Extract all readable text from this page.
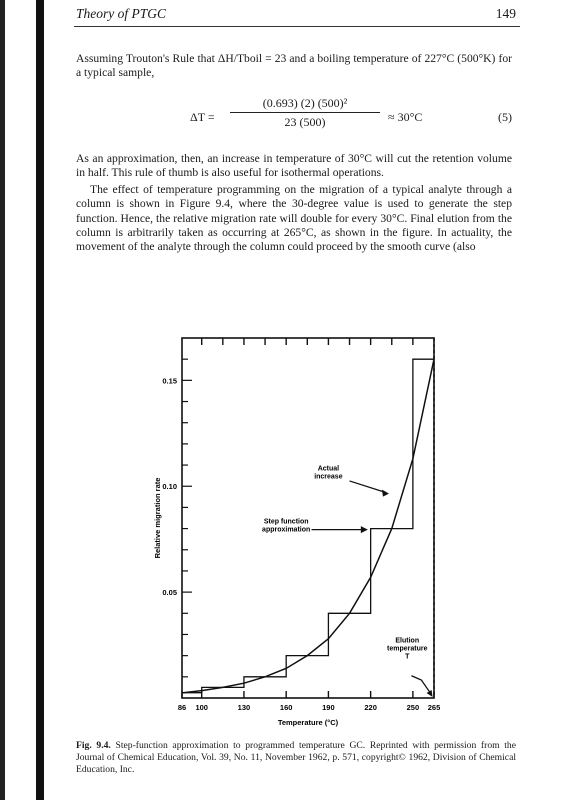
Theory of PTGC	149
Assuming Trouton's Rule that ΔH/Tboil = 23 and a boiling temperature of 227°C (500°K) for a typical sample,
$\Delta T = \frac{\text{(0.693) (2) (500)²}}{23 (500)} \approx 30^\circ C$	(5)
As an approximation, then, an increase in temperature of 30°C will cut the retention volume in half. This rule of thumb is also useful for isothermal operations.
The effect of temperature programming on the migration of a typical analyte through a column is shown in Figure 9.4, where the 30-degree value is used to generate the step function. Hence, the relative migration rate will double for every 30°C. Final elution from the column is arbitrarily taken as occurring at 265°C, as shown in the figure. In actuality, the movement of the analyte through the column could proceed by the smooth curve (also
86 100	130	160	190	220	250 265
0.05
0.10
0.15
Temperature (°C)
Relative migration rate
Actual increase
Step function approximation
Elution temperature T
Fig. 9.4. Step-function approximation to programmed temperature GC. Reprinted with permission from the Journal of Chemical Education, Vol. 39, No. 11, November 1962, p. 571, copyright© 1962, Division of Chemical Education, Inc.
